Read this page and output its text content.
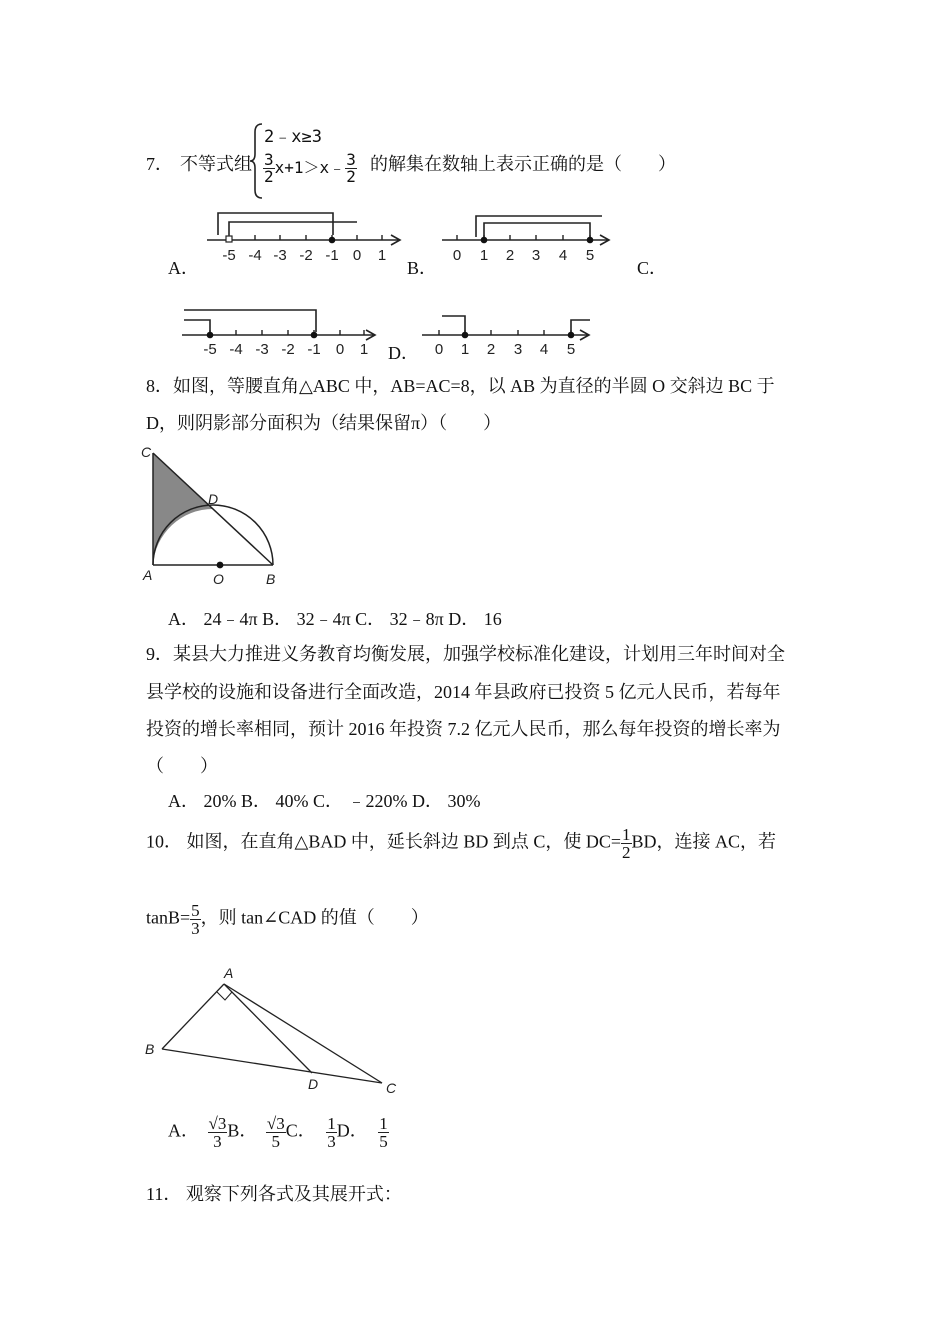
7． 不等式组
2﹣x≥3
$\frac{3}{2}$ x+1＞x﹣ $\frac{3}{2}$ 的解集在数轴上表示正确的是（　　）
A．	B．	C．
D．
-5 -4 -3 -2 -1 0 1	0 1 2 3 4 5
-5 -4 -3 -2 -1 0 1	0 1 2 3 4 5
8．如图，等腰直角△ABC 中，AB=AC=8，以 AB 为直径的半圆 O 交斜边 BC 于
D，则阴影部分面积为（结果保留π）（　　）
C
D
A	O	B
A． 24﹣4π B． 32﹣4π C． 32﹣8π D． 16
9．某县大力推进义务教育均衡发展，加强学校标准化建设，计划用三年时间对全
县学校的设施和设备进行全面改造，2014 年县政府已投资 5 亿元人民币，若每年
投资的增长率相同，预计 2016 年投资 7.2 亿元人民币，那么每年投资的增长率为
（　　）
A． 20% B． 40% C． ﹣220% D． 30%
10． 如图，在直角△BAD 中，延长斜边 BD 到点 C，使 $DC= \frac{1}{2}$ BD，连接 AC，若
$\tan B= \frac{5}{3}$ ，则 tan∠CAD 的值（　　）
A
B
D	C
A． $\frac{√3}{3}$ B． $\frac{√3}{5}$ C． $\frac{1}{3}$ D． $\frac{1}{5}$
11． 观察下列各式及其展开式：
